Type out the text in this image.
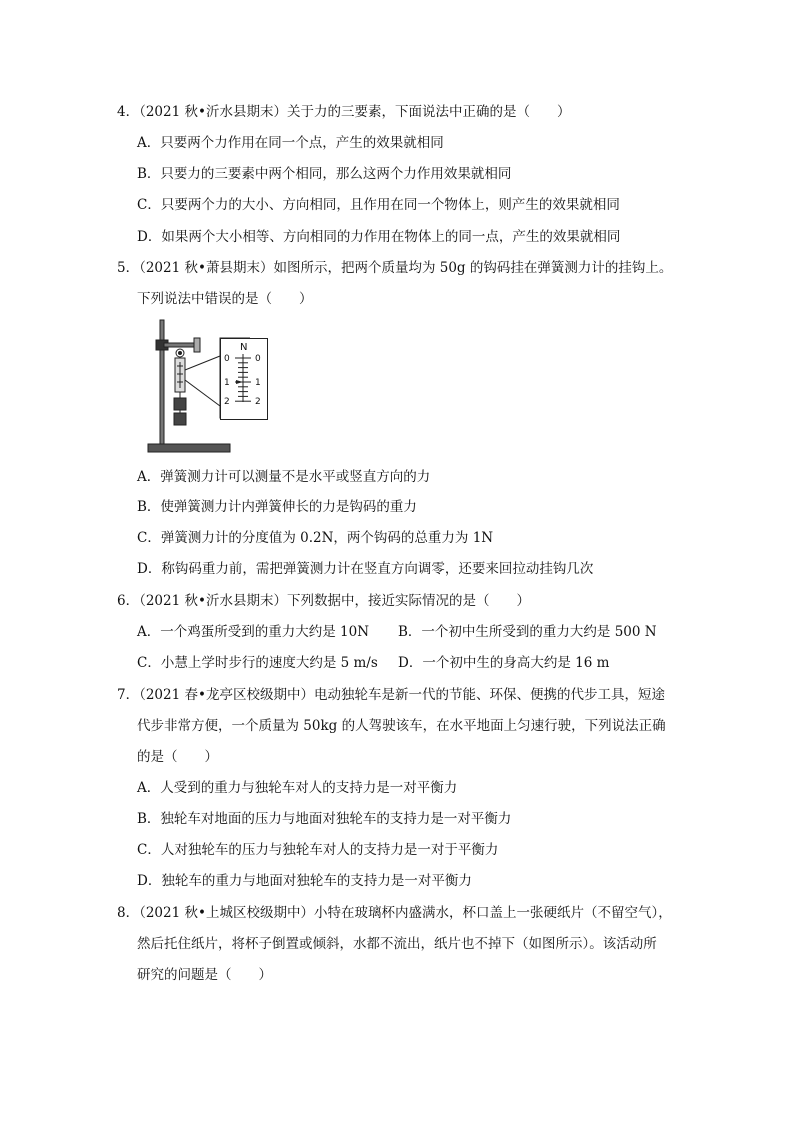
4．（2021 秋•沂水县期末）关于力的三要素，下面说法中正确的是（　　）
A．只要两个力作用在同一个点，产生的效果就相同
B．只要力的三要素中两个相同，那么这两个力作用效果就相同
C．只要两个力的大小、方向相同，且作用在同一个物体上，则产生的效果就相同
D．如果两个大小相等、方向相同的力作用在物体上的同一点，产生的效果就相同
5．（2021 秋•萧县期末）如图所示，把两个质量均为 50g 的钩码挂在弹簧测力计的挂钩上。
下列说法中错误的是（　　）
N
0
1
2
0
1
2
A．弹簧测力计可以测量不是水平或竖直方向的力
B．使弹簧测力计内弹簧伸长的力是钩码的重力
C．弹簧测力计的分度值为 0.2N，两个钩码的总重力为 1N
D．称钩码重力前，需把弹簧测力计在竖直方向调零，还要来回拉动挂钩几次
6．（2021 秋•沂水县期末）下列数据中，接近实际情况的是（　　）
A．一个鸡蛋所受到的重力大约是 10N B．一个初中生所受到的重力大约是 500 N
C．小慧上学时步行的速度大约是 5 m/s D．一个初中生的身高大约是 16 m
7．（2021 春•龙亭区校级期中）电动独轮车是新一代的节能、环保、便携的代步工具，短途
代步非常方便，一个质量为 50kg 的人驾驶该车，在水平地面上匀速行驶，下列说法正确
的是（　　）
A．人受到的重力与独轮车对人的支持力是一对平衡力
B．独轮车对地面的压力与地面对独轮车的支持力是一对平衡力
C．人对独轮车的压力与独轮车对人的支持力是一对于平衡力
D．独轮车的重力与地面对独轮车的支持力是一对平衡力
8．（2021 秋•上城区校级期中）小特在玻璃杯内盛满水，杯口盖上一张硬纸片（不留空气），
然后托住纸片，将杯子倒置或倾斜，水都不流出，纸片也不掉下（如图所示）。该活动所
研究的问题是（　　）
